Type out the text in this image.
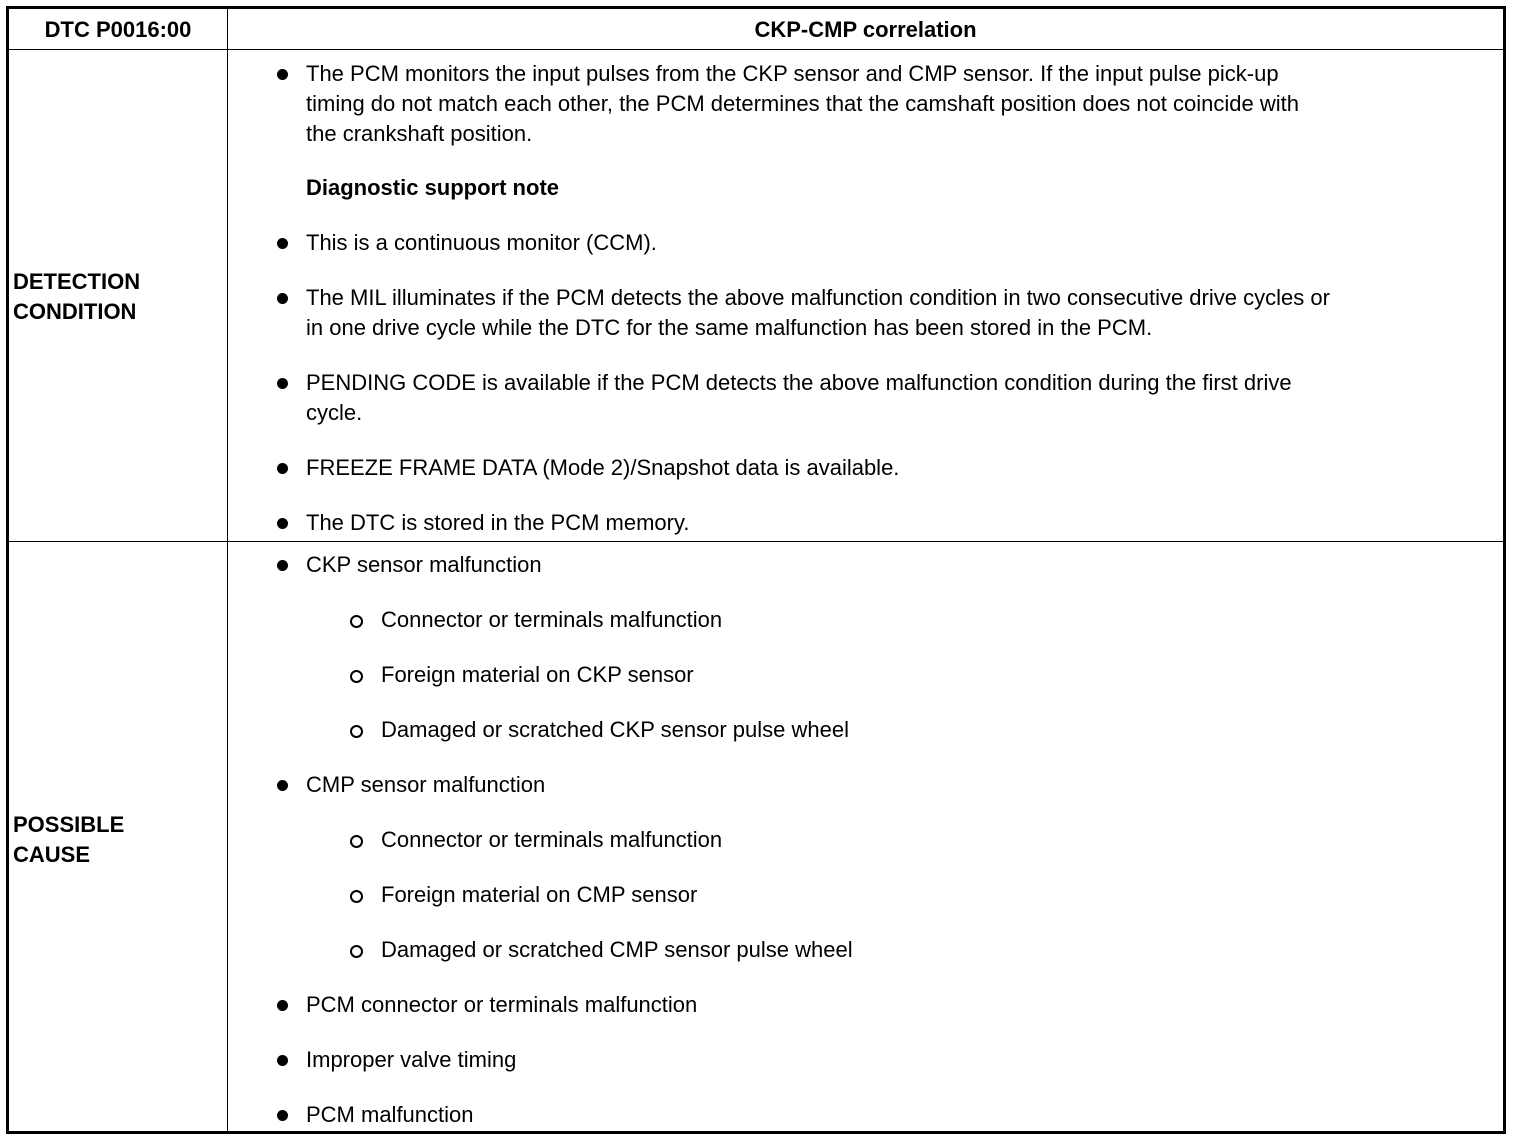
DTC P0016:00	CKP-CMP correlation
DETECTION
CONDITION
The PCM monitors the input pulses from the CKP sensor and CMP sensor. If the input pulse pick-up
timing do not match each other, the PCM determines that the camshaft position does not coincide with
the crankshaft position.
Diagnostic support note
This is a continuous monitor (CCM).
The MIL illuminates if the PCM detects the above malfunction condition in two consecutive drive cycles or
in one drive cycle while the DTC for the same malfunction has been stored in the PCM.
PENDING CODE is available if the PCM detects the above malfunction condition during the first drive
cycle.
FREEZE FRAME DATA (Mode 2)/Snapshot data is available.
The DTC is stored in the PCM memory.
POSSIBLE
CAUSE
CKP sensor malfunction
Connector or terminals malfunction
Foreign material on CKP sensor
Damaged or scratched CKP sensor pulse wheel
CMP sensor malfunction
Connector or terminals malfunction
Foreign material on CMP sensor
Damaged or scratched CMP sensor pulse wheel
PCM connector or terminals malfunction
Improper valve timing
PCM malfunction
